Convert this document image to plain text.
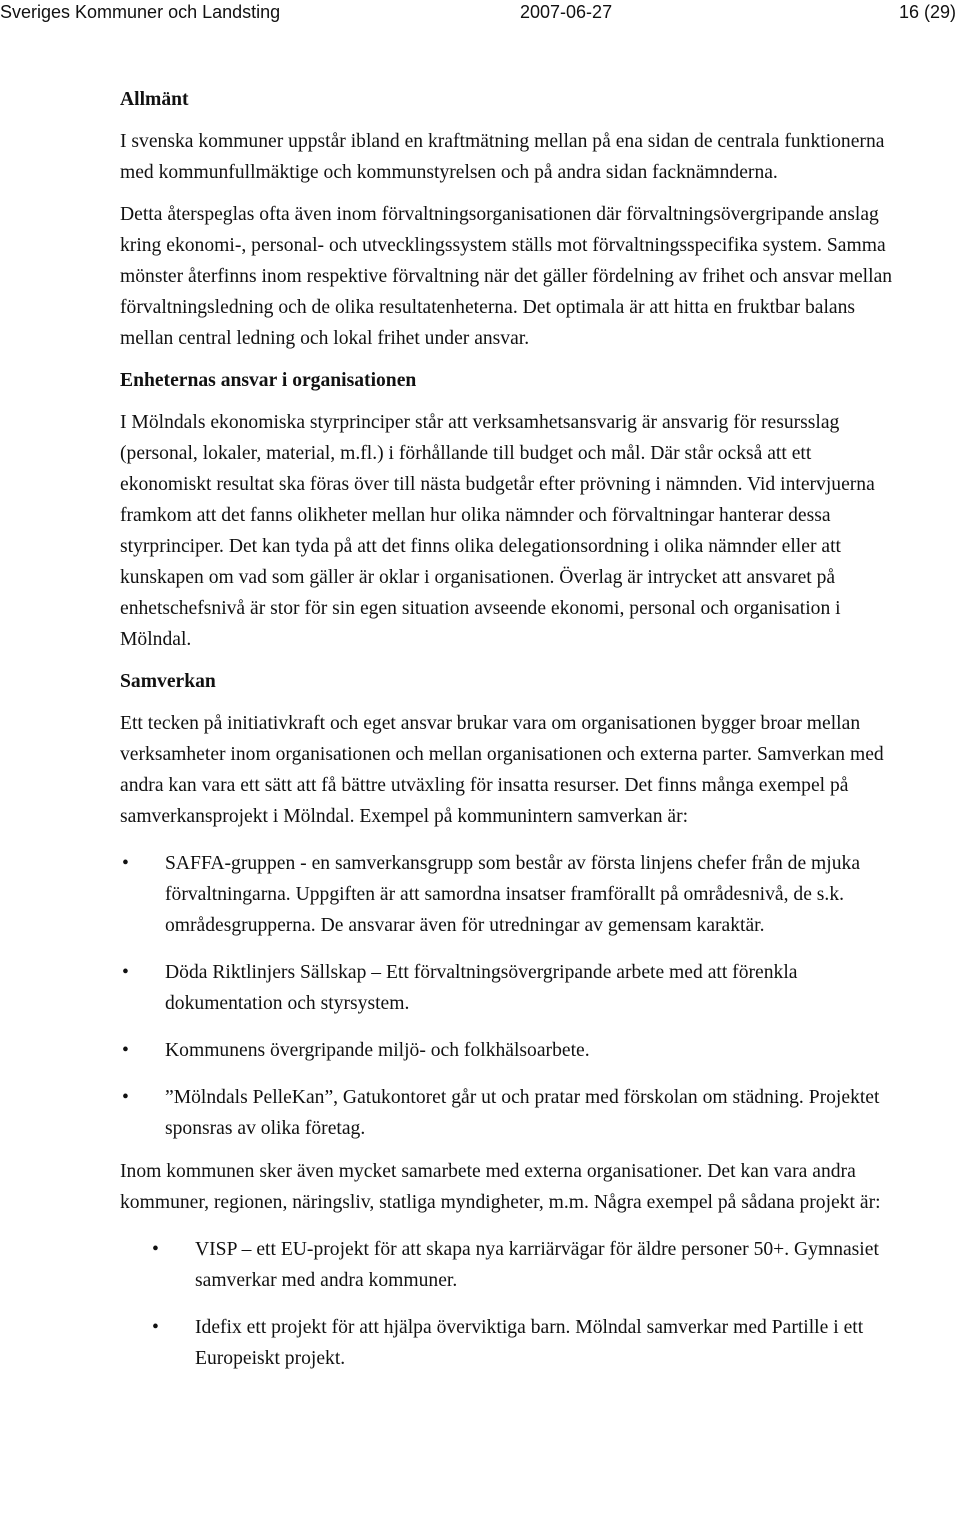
Sveriges Kommuner och Landsting	2007-06-27	16 (29)

Allmänt

I svenska kommuner uppstår ibland en kraftmätning mellan på ena sidan de centrala funktionerna med kommunfullmäktige och kommunstyrelsen och på andra sidan facknämnderna.

Detta återspeglas ofta även inom förvaltningsorganisationen där förvaltningsövergripande anslag kring ekonomi-, personal- och utvecklingssystem ställs mot förvaltningsspecifika system. Samma mönster återfinns inom respektive förvaltning när det gäller fördelning av frihet och ansvar mellan förvaltningsledning och de olika resultatenheterna. Det optimala är att hitta en fruktbar balans mellan central ledning och lokal frihet under ansvar.

Enheternas ansvar i organisationen

I Mölndals ekonomiska styrprinciper står att verksamhetsansvarig är ansvarig för resursslag (personal, lokaler, material, m.fl.) i förhållande till budget och mål. Där står också att ett ekonomiskt resultat ska föras över till nästa budgetår efter prövning i nämnden. Vid intervjuerna framkom att det fanns olikheter mellan hur olika nämnder och förvaltningar hanterar dessa styrprinciper. Det kan tyda på att det finns olika delegationsordning i olika nämnder eller att kunskapen om vad som gäller är oklar i organisationen. Överlag är intrycket att ansvaret på enhetschefsnivå är stor för sin egen situation avseende ekonomi, personal och organisation i Mölndal.

Samverkan

Ett tecken på initiativkraft och eget ansvar brukar vara om organisationen bygger broar mellan verksamheter inom organisationen och mellan organisationen och externa parter. Samverkan med andra kan vara ett sätt att få bättre utväxling för insatta resurser. Det finns många exempel på samverkansprojekt i Mölndal. Exempel på kommunintern samverkan är:

•	SAFFA-gruppen - en samverkansgrupp som består av första linjens chefer från de mjuka förvaltningarna. Uppgiften är att samordna insatser framförallt på områdesnivå, de s.k. områdesgrupperna. De ansvarar även för utredningar av gemensam karaktär.
•	Döda Riktlinjers Sällskap – Ett förvaltningsövergripande arbete med att förenkla dokumentation och styrsystem.
•	Kommunens övergripande miljö- och folkhälsoarbete.
•	”Mölndals PelleKan”, Gatukontoret går ut och pratar med förskolan om städning. Projektet sponsras av olika företag.

Inom kommunen sker även mycket samarbete med externa organisationer. Det kan vara andra kommuner, regionen, näringsliv, statliga myndigheter, m.m. Några exempel på sådana projekt är:

•	VISP – ett EU-projekt för att skapa nya karriärvägar för äldre personer 50+. Gymnasiet samverkar med andra kommuner.
•	Idefix ett projekt för att hjälpa överviktiga barn. Mölndal samverkar med Partille i ett Europeiskt projekt.
